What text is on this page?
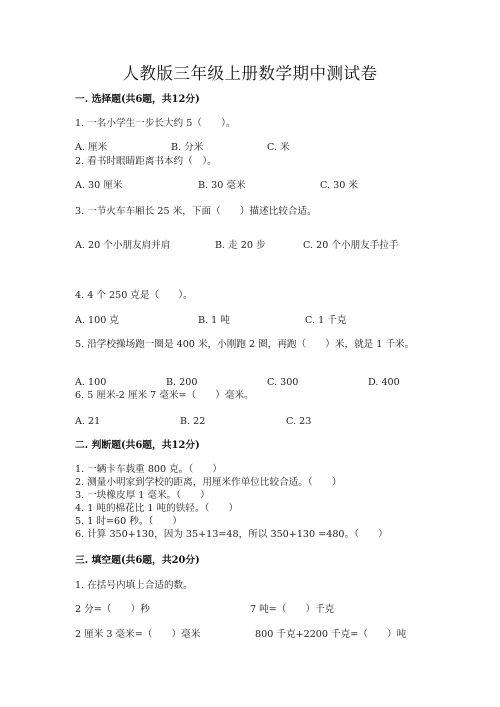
人教版三年级上册数学期中测试卷
一. 选择题(共6题，共12分)
1. 一名小学生一步长大约 5（　　）。
A. 厘米	B. 分米	C. 米
2. 看书时眼睛距离书本约（　）。
A. 30 厘米	B. 30 毫米	C. 30 米
3. 一节火车车厢长 25 米，下面（　　）描述比较合适。
A. 20 个小朋友肩并肩	B. 走 20 步	C. 20 个小朋友手拉手
4. 4 个 250 克是（　　）。
A. 100 克	B. 1 吨	C. 1 千克
5. 沿学校操场跑一圈是 400 米，小刚跑 2 圈，再跑（　　）米，就是 1 千米。
A. 100	B. 200	C. 300	D. 400
6. 5 厘米-2 厘米 7 毫米=（　　）毫米。
A. 21	B. 22	C. 23
二. 判断题(共6题，共12分)
1. 一辆卡车载重 800 克。（　　）
2. 测量小明家到学校的距离，用厘米作单位比较合适。（　　）
3. 一块橡皮厚 1 毫米。（　　）
4. 1 吨的棉花比 1 吨的铁轻。（　　）
5. 1 时=60 秒。（　　）
6. 计算 350+130，因为 35+13=48，所以 350+130 =480。（　　）
三. 填空题(共6题，共20分)
1. 在括号内填上合适的数。
2 分=（　　）秒	7 吨=（　　）千克
2 厘米 3 毫米=（　　）毫米	800 千克+2200 千克=（　　）吨
